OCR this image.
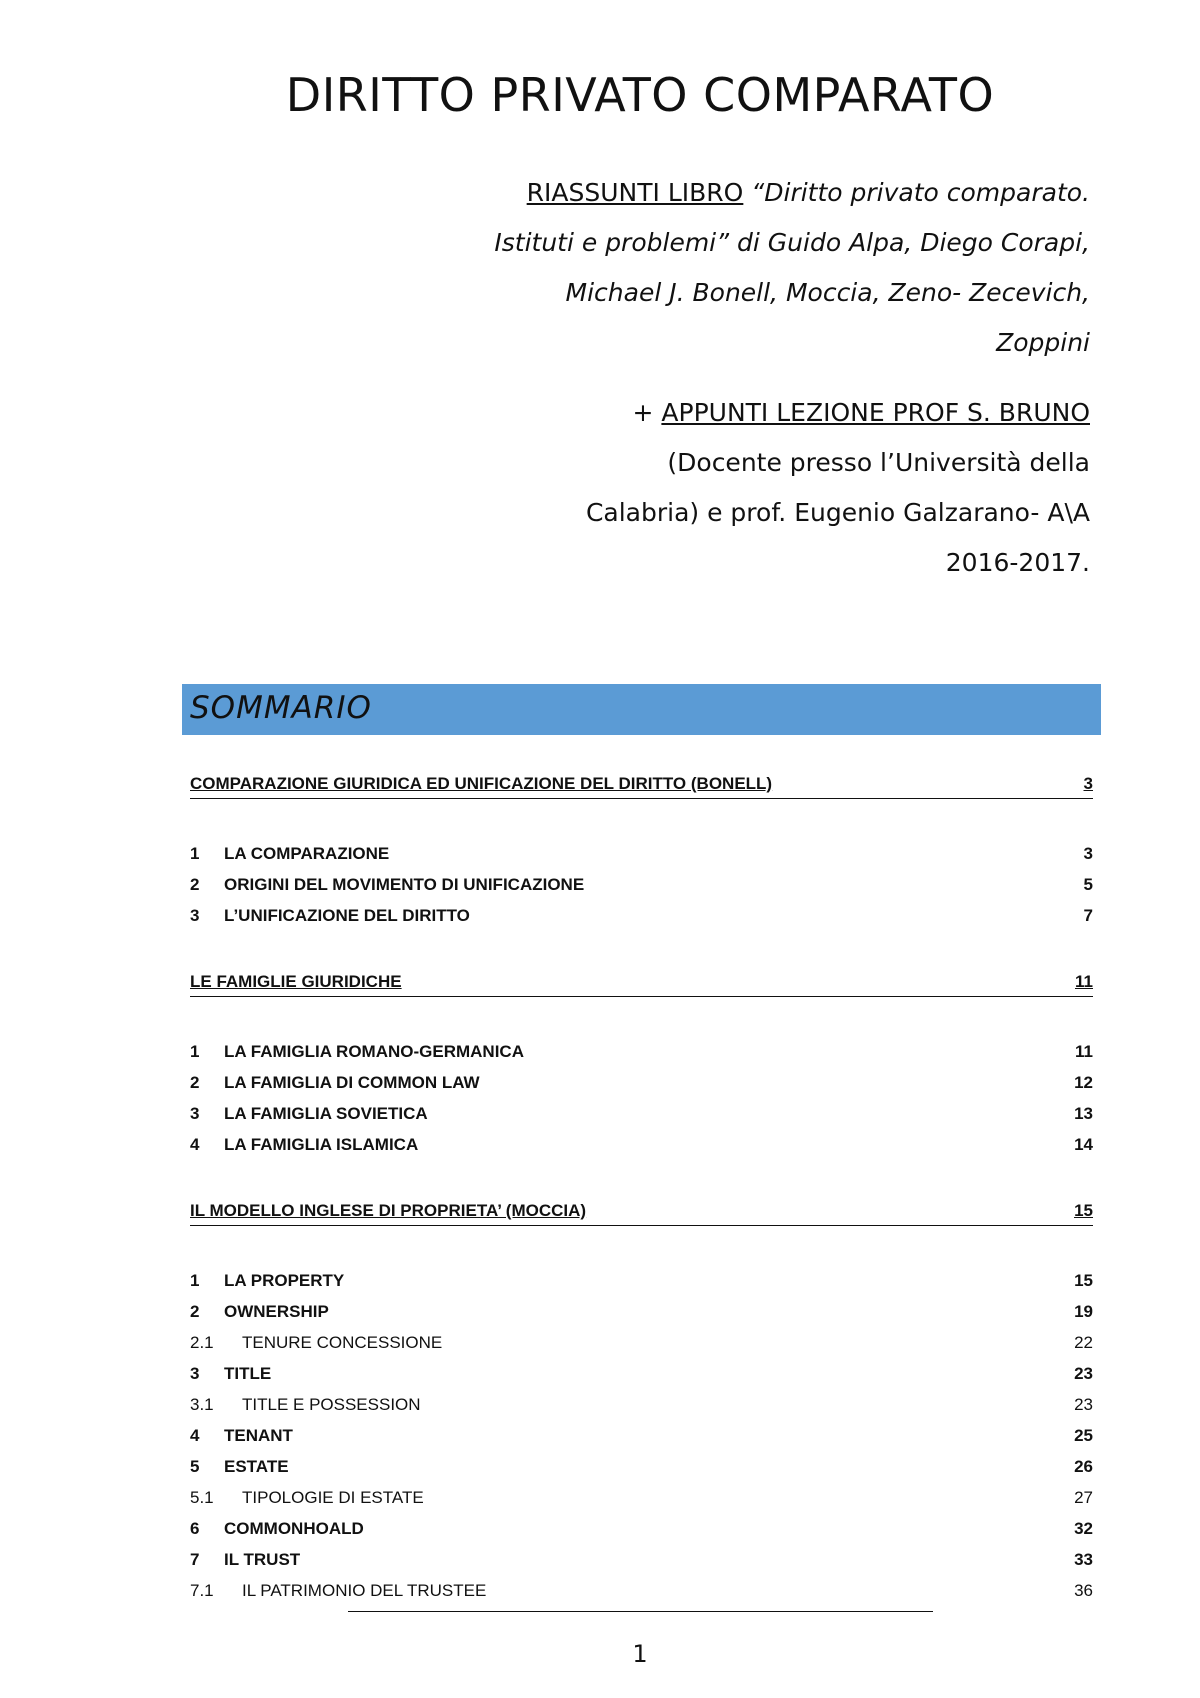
DIRITTO PRIVATO COMPARATO
RIASSUNTI LIBRO “Diritto privato comparato.
Istituti e problemi” di Guido Alpa, Diego Corapi,
Michael J. Bonell, Moccia, Zeno- Zecevich,
Zoppini
+ APPUNTI LEZIONE PROF S. BRUNO
(Docente presso l’Università della
Calabria) e prof. Eugenio Galzarano- A\A
2016-2017.
SOMMARIO
COMPARAZIONE GIURIDICA ED UNIFICAZIONE DEL DIRITTO (BONELL)	3
1	LA COMPARAZIONE	3
2	ORIGINI DEL MOVIMENTO DI UNIFICAZIONE	5
3	L’UNIFICAZIONE DEL DIRITTO	7
LE FAMIGLIE GIURIDICHE	11
1	LA FAMIGLIA ROMANO-GERMANICA	11
2	LA FAMIGLIA DI COMMON LAW	12
3	LA FAMIGLIA SOVIETICA	13
4	LA FAMIGLIA ISLAMICA	14
IL MODELLO INGLESE DI PROPRIETA’ (MOCCIA)	15
1	LA PROPERTY	15
2	OWNERSHIP	19
2.1	TENURE CONCESSIONE	22
3	TITLE	23
3.1	TITLE E POSSESSION	23
4	TENANT	25
5	ESTATE	26
5.1	TIPOLOGIE DI ESTATE	27
6	COMMONHOALD	32
7	IL TRUST	33
7.1	IL PATRIMONIO DEL TRUSTEE	36
1
